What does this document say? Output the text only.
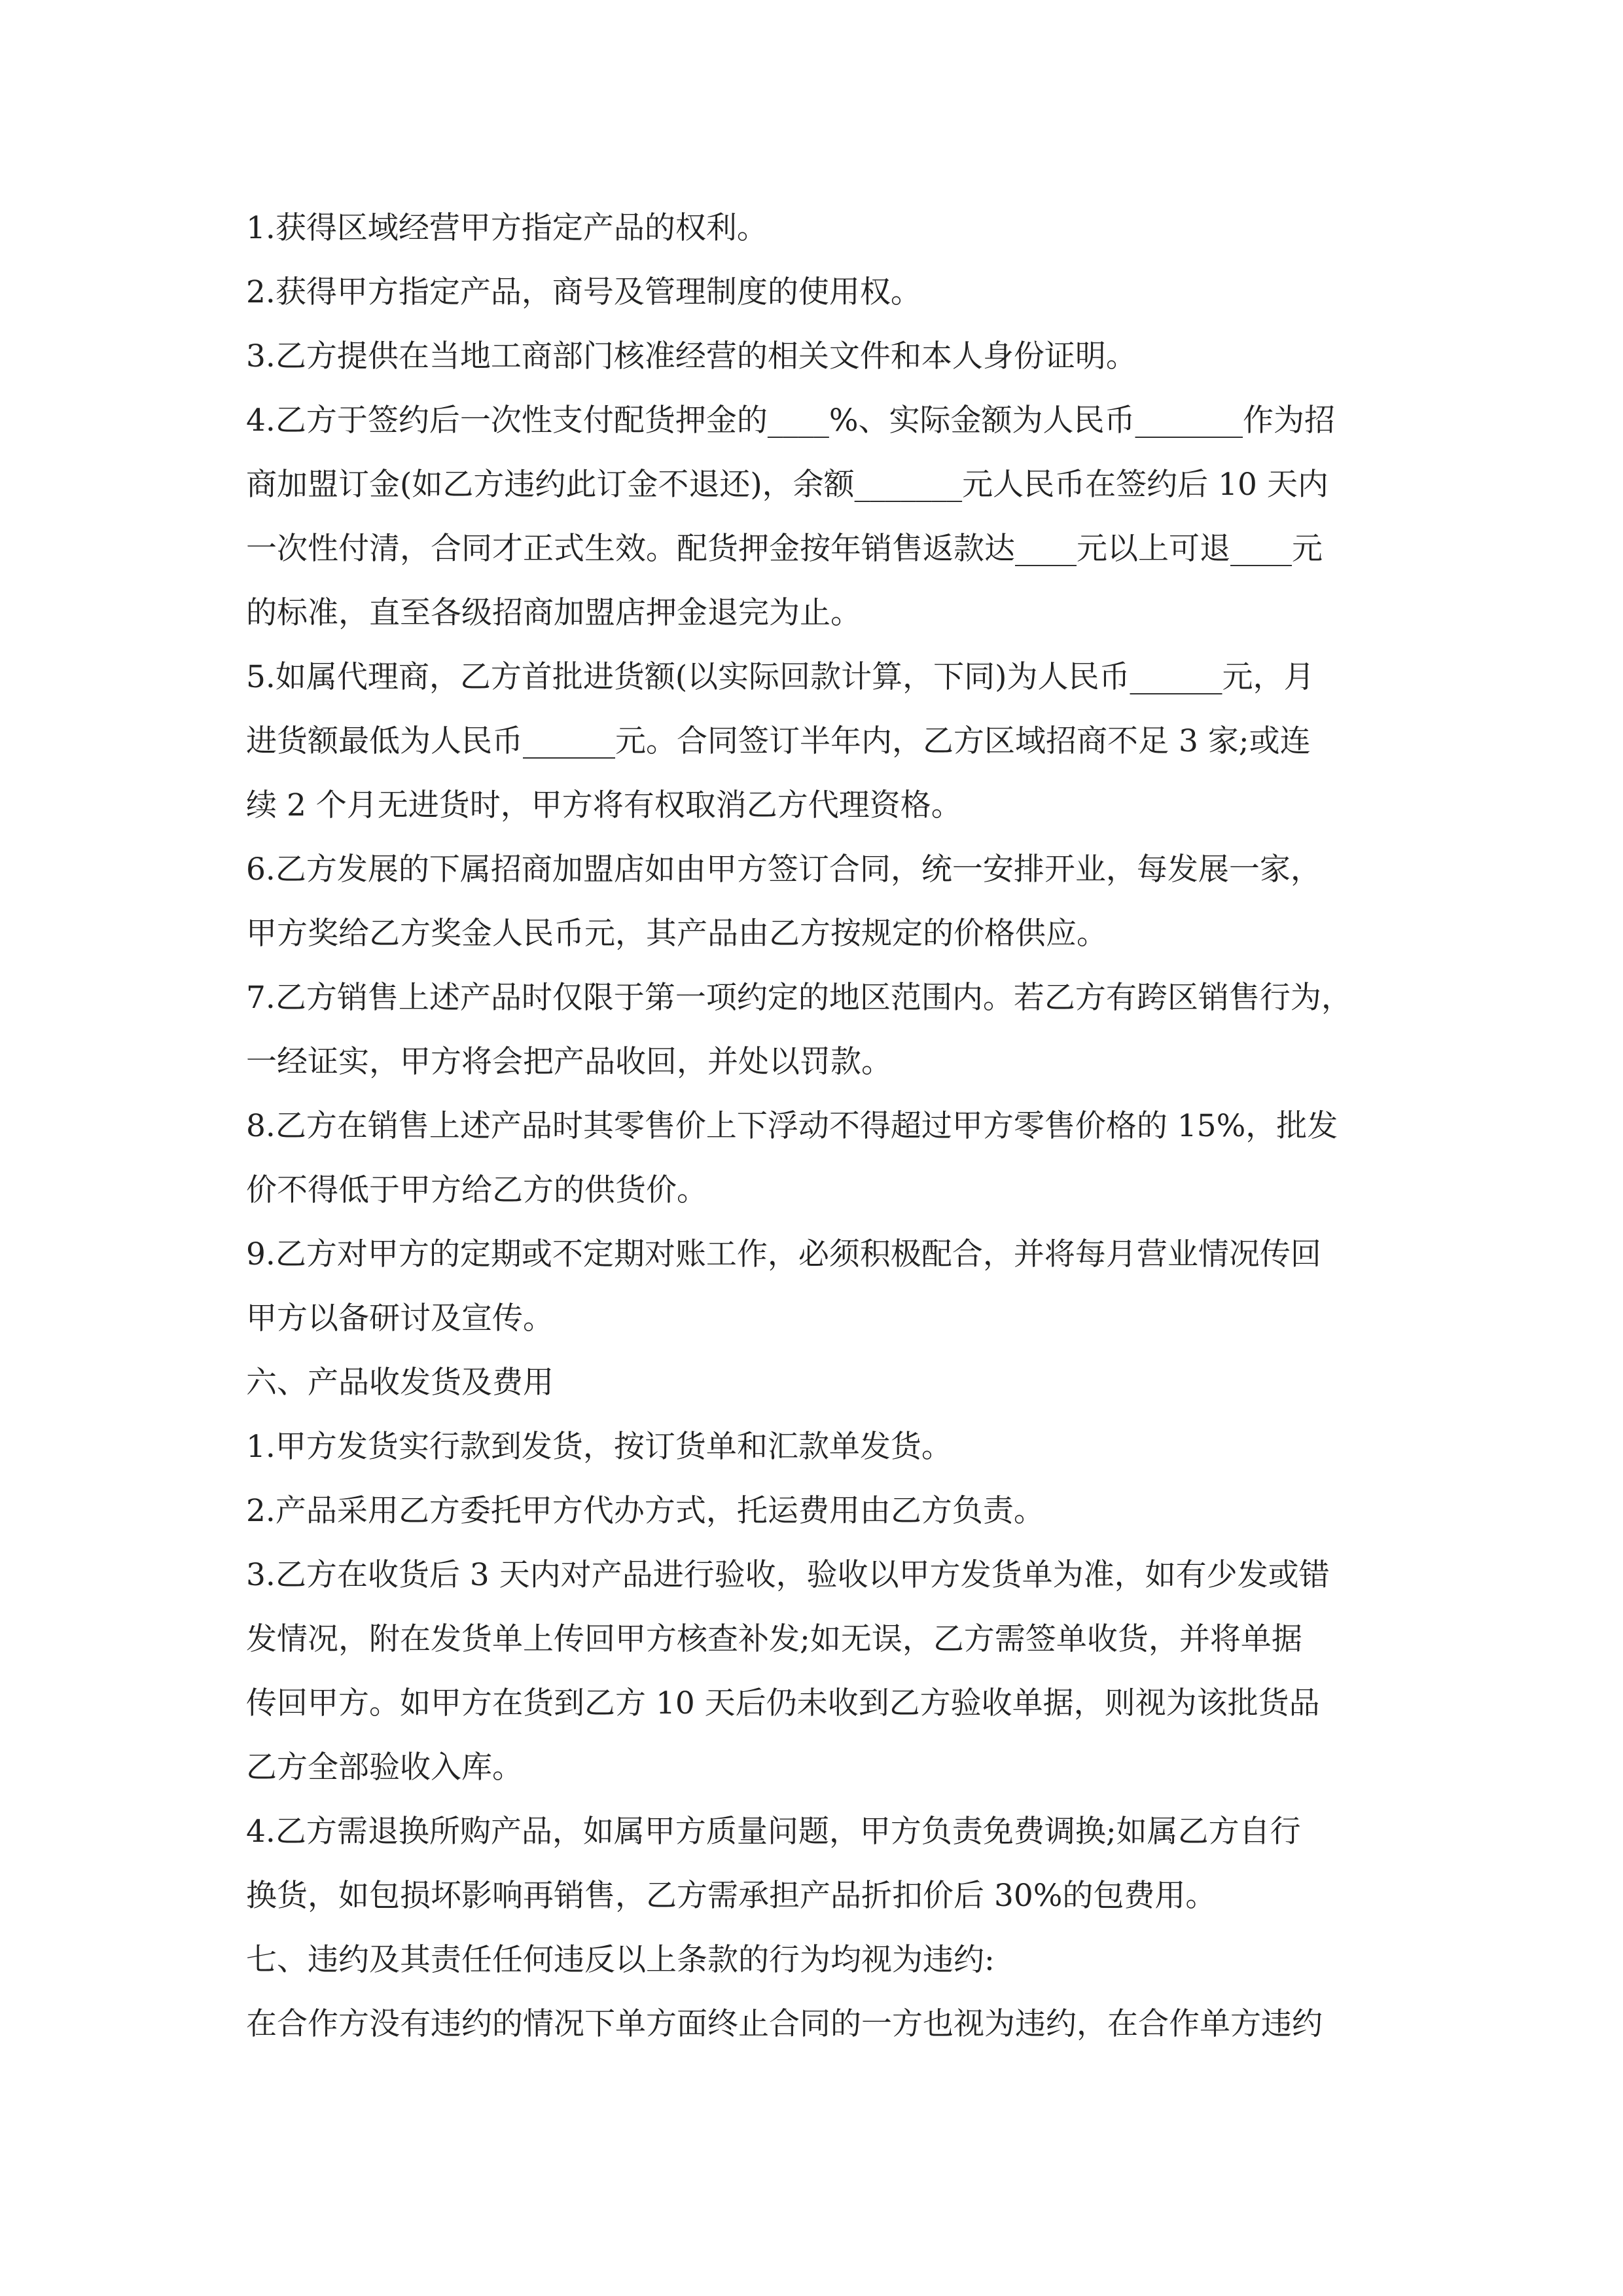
1.获得区域经营甲方指定产品的权利。
2.获得甲方指定产品，商号及管理制度的使用权。
3.乙方提供在当地工商部门核准经营的相关文件和本人身份证明。
4.乙方于签约后一次性支付配货押金的____%、实际金额为人民币_______作为招
商加盟订金(如乙方违约此订金不退还)，余额_______元人民币在签约后 10 天内
一次性付清，合同才正式生效。配货押金按年销售返款达____元以上可退____元
的标准，直至各级招商加盟店押金退完为止。
5.如属代理商，乙方首批进货额(以实际回款计算，下同)为人民币______元，月
进货额最低为人民币______元。合同签订半年内，乙方区域招商不足 3 家;或连
续 2 个月无进货时，甲方将有权取消乙方代理资格。
6.乙方发展的下属招商加盟店如由甲方签订合同，统一安排开业，每发展一家，
甲方奖给乙方奖金人民币元，其产品由乙方按规定的价格供应。
7.乙方销售上述产品时仅限于第一项约定的地区范围内。若乙方有跨区销售行为，
一经证实，甲方将会把产品收回，并处以罚款。
8.乙方在销售上述产品时其零售价上下浮动不得超过甲方零售价格的 15%，批发
价不得低于甲方给乙方的供货价。
9.乙方对甲方的定期或不定期对账工作，必须积极配合，并将每月营业情况传回
甲方以备研讨及宣传。
六、产品收发货及费用
1.甲方发货实行款到发货，按订货单和汇款单发货。
2.产品采用乙方委托甲方代办方式，托运费用由乙方负责。
3.乙方在收货后 3 天内对产品进行验收，验收以甲方发货单为准，如有少发或错
发情况，附在发货单上传回甲方核查补发;如无误，乙方需签单收货，并将单据
传回甲方。如甲方在货到乙方 10 天后仍未收到乙方验收单据，则视为该批货品
乙方全部验收入库。
4.乙方需退换所购产品，如属甲方质量问题，甲方负责免费调换;如属乙方自行
换货，如包损坏影响再销售，乙方需承担产品折扣价后 30%的包费用。
七、违约及其责任任何违反以上条款的行为均视为违约:
在合作方没有违约的情况下单方面终止合同的一方也视为违约，在合作单方违约
